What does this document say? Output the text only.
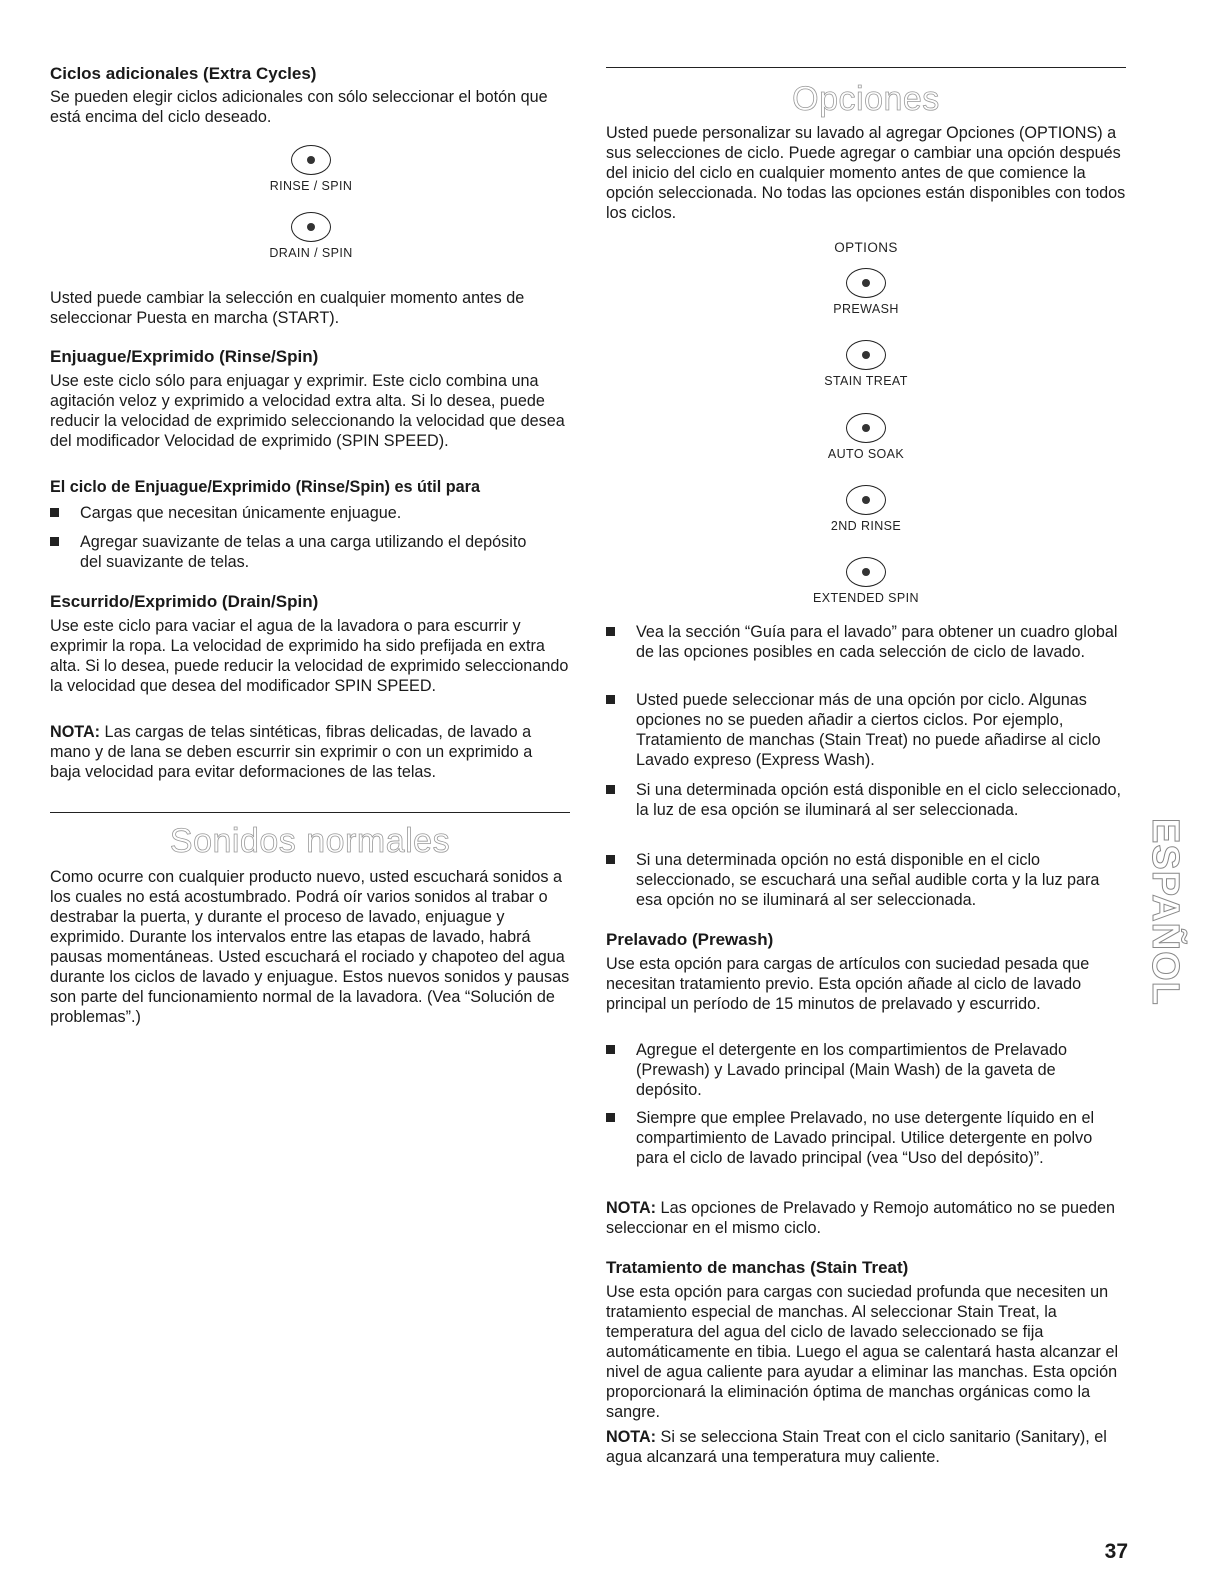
Ciclos adicionales (Extra Cycles)

Se pueden elegir ciclos adicionales con sólo seleccionar el botón que está encima del ciclo deseado.

RINSE / SPIN
DRAIN / SPIN

Usted puede cambiar la selección en cualquier momento antes de seleccionar Puesta en marcha (START).

Enjuague/Exprimido (Rinse/Spin)

Use este ciclo sólo para enjuagar y exprimir. Este ciclo combina una agitación veloz y exprimido a velocidad extra alta. Si lo desea, puede reducir la velocidad de exprimido seleccionando la velocidad que desea del modificador Velocidad de exprimido (SPIN SPEED).

El ciclo de Enjuague/Exprimido (Rinse/Spin) es útil para

Cargas que necesitan únicamente enjuague.

Agregar suavizante de telas a una carga utilizando el depósito del suavizante de telas.

Escurrido/Exprimido (Drain/Spin)

Use este ciclo para vaciar el agua de la lavadora o para escurrir y exprimir la ropa. La velocidad de exprimido ha sido prefijada en extra alta. Si lo desea, puede reducir la velocidad de exprimido seleccionando la velocidad que desea del modificador SPIN SPEED.

NOTA: Las cargas de telas sintéticas, fibras delicadas, de lavado a mano y de lana se deben escurrir sin exprimir o con un exprimido a baja velocidad para evitar deformaciones de las telas.

Sonidos normales

Como ocurre con cualquier producto nuevo, usted escuchará sonidos a los cuales no está acostumbrado. Podrá oír varios sonidos al trabar o destrabar la puerta, y durante el proceso de lavado, enjuague y exprimido. Durante los intervalos entre las etapas de lavado, habrá pausas momentáneas. Usted escuchará el rociado y chapoteo del agua durante los ciclos de lavado y enjuague. Estos nuevos sonidos y pausas son parte del funcionamiento normal de la lavadora. (Vea “Solución de problemas”.)

Opciones

Usted puede personalizar su lavado al agregar Opciones (OPTIONS) a sus selecciones de ciclo. Puede agregar o cambiar una opción después del inicio del ciclo en cualquier momento antes de que comience la opción seleccionada. No todas las opciones están disponibles con todos los ciclos.

OPTIONS
PREWASH
STAIN TREAT
AUTO SOAK
2ND RINSE
EXTENDED SPIN

Vea la sección “Guía para el lavado” para obtener un cuadro global de las opciones posibles en cada selección de ciclo de lavado.

Usted puede seleccionar más de una opción por ciclo. Algunas opciones no se pueden añadir a ciertos ciclos. Por ejemplo, Tratamiento de manchas (Stain Treat) no puede añadirse al ciclo Lavado expreso (Express Wash).

Si una determinada opción está disponible en el ciclo seleccionado, la luz de esa opción se iluminará al ser seleccionada.

Si una determinada opción no está disponible en el ciclo seleccionado, se escuchará una señal audible corta y la luz para esa opción no se iluminará al ser seleccionada.

Prelavado (Prewash)

Use esta opción para cargas de artículos con suciedad pesada que necesitan tratamiento previo. Esta opción añade al ciclo de lavado principal un período de 15 minutos de prelavado y escurrido.

Agregue el detergente en los compartimientos de Prelavado (Prewash) y Lavado principal (Main Wash) de la gaveta de depósito.

Siempre que emplee Prelavado, no use detergente líquido en el compartimiento de Lavado principal. Utilice detergente en polvo para el ciclo de lavado principal (vea “Uso del depósito)”.

NOTA: Las opciones de Prelavado y Remojo automático no se pueden seleccionar en el mismo ciclo.

Tratamiento de manchas (Stain Treat)

Use esta opción para cargas con suciedad profunda que necesiten un tratamiento especial de manchas. Al seleccionar Stain Treat, la temperatura del agua del ciclo de lavado seleccionado se fija automáticamente en tibia. Luego el agua se calentará hasta alcanzar el nivel de agua caliente para ayudar a eliminar las manchas. Esta opción proporcionará la eliminación óptima de manchas orgánicas como la sangre.

NOTA: Si se selecciona Stain Treat con el ciclo sanitario (Sanitary), el agua alcanzará una temperatura muy caliente.

ESPAÑOL
37
